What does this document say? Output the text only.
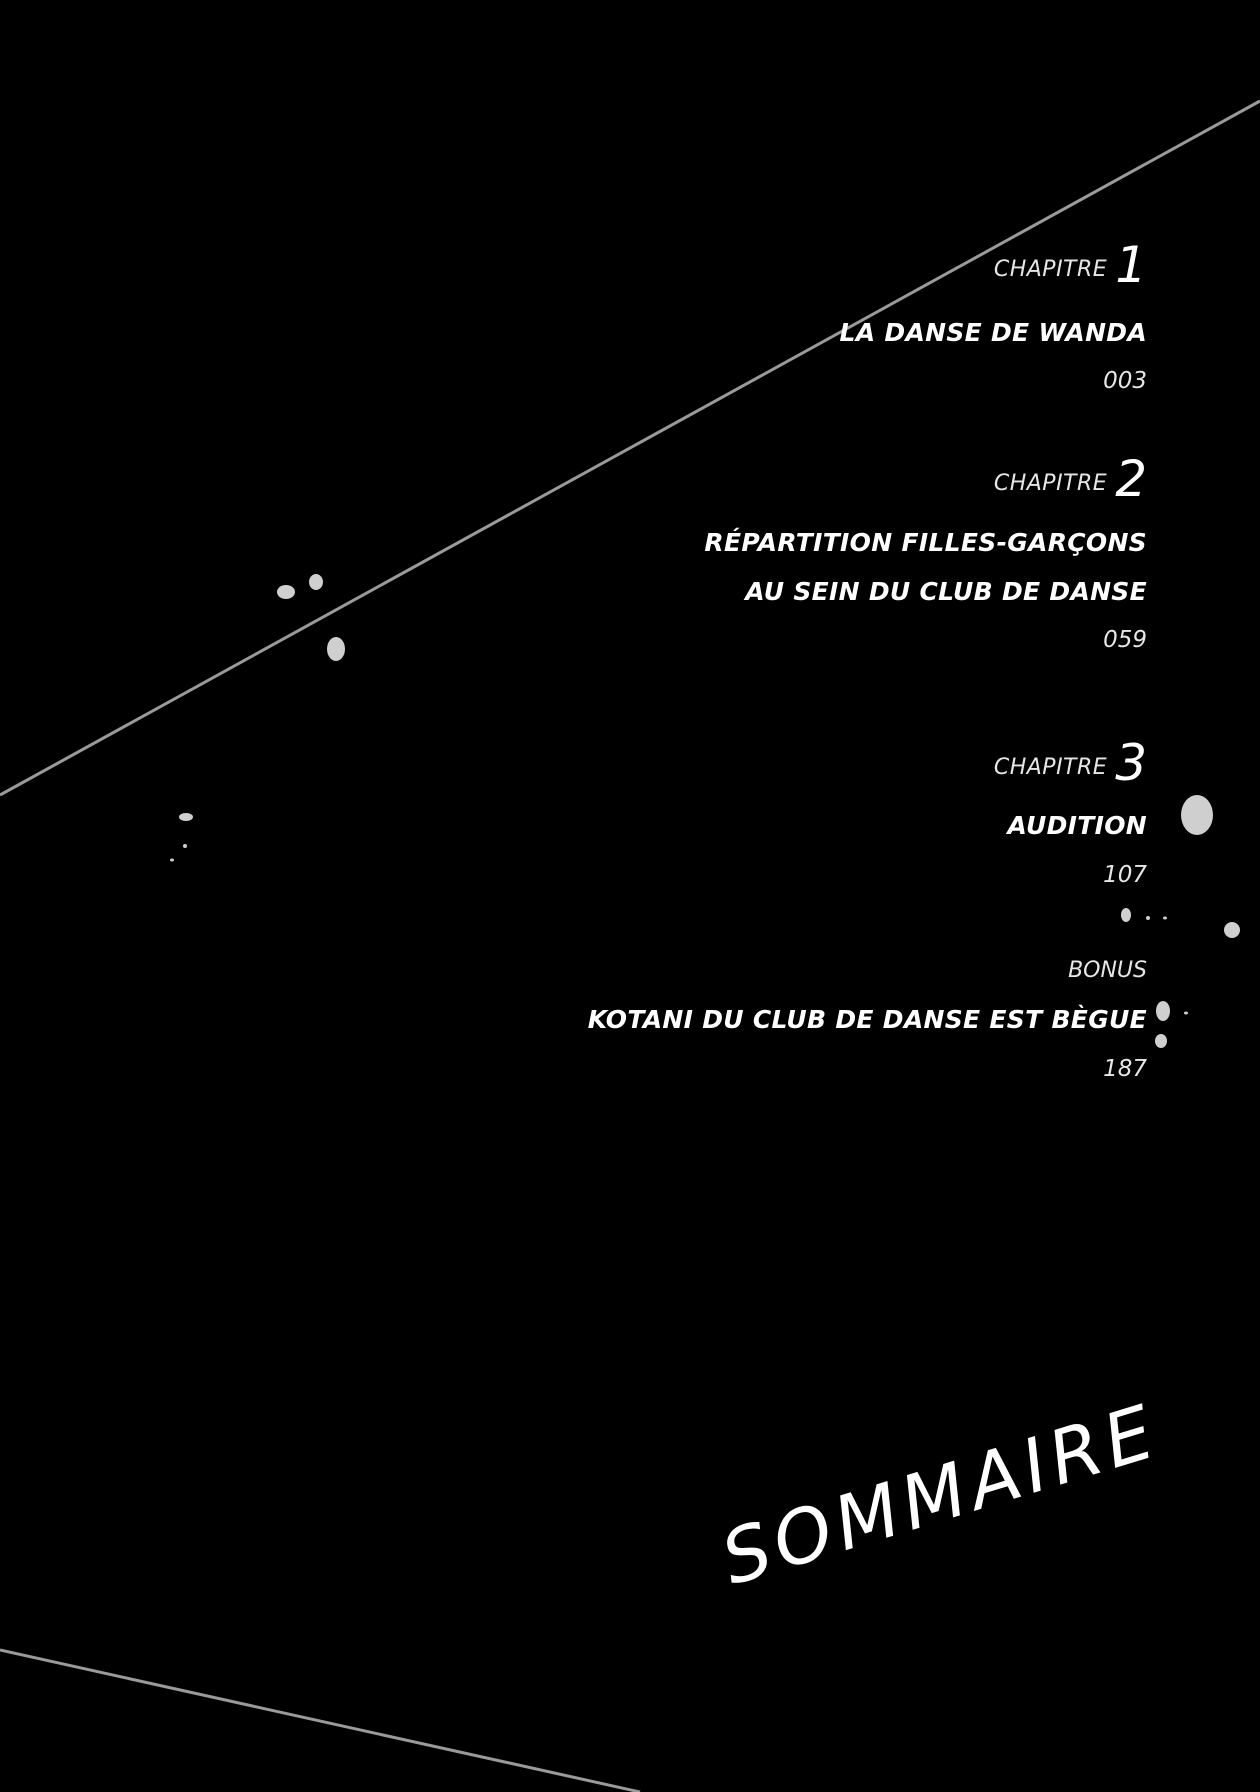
CHAPITRE 1
LA DANSE DE WANDA
003
CHAPITRE 2
RÉPARTITION FILLES-GARÇONS
AU SEIN DU CLUB DE DANSE
059
CHAPITRE 3
AUDITION
107
BONUS
KOTANI DU CLUB DE DANSE EST BÈGUE
187
SOMMAIRE
